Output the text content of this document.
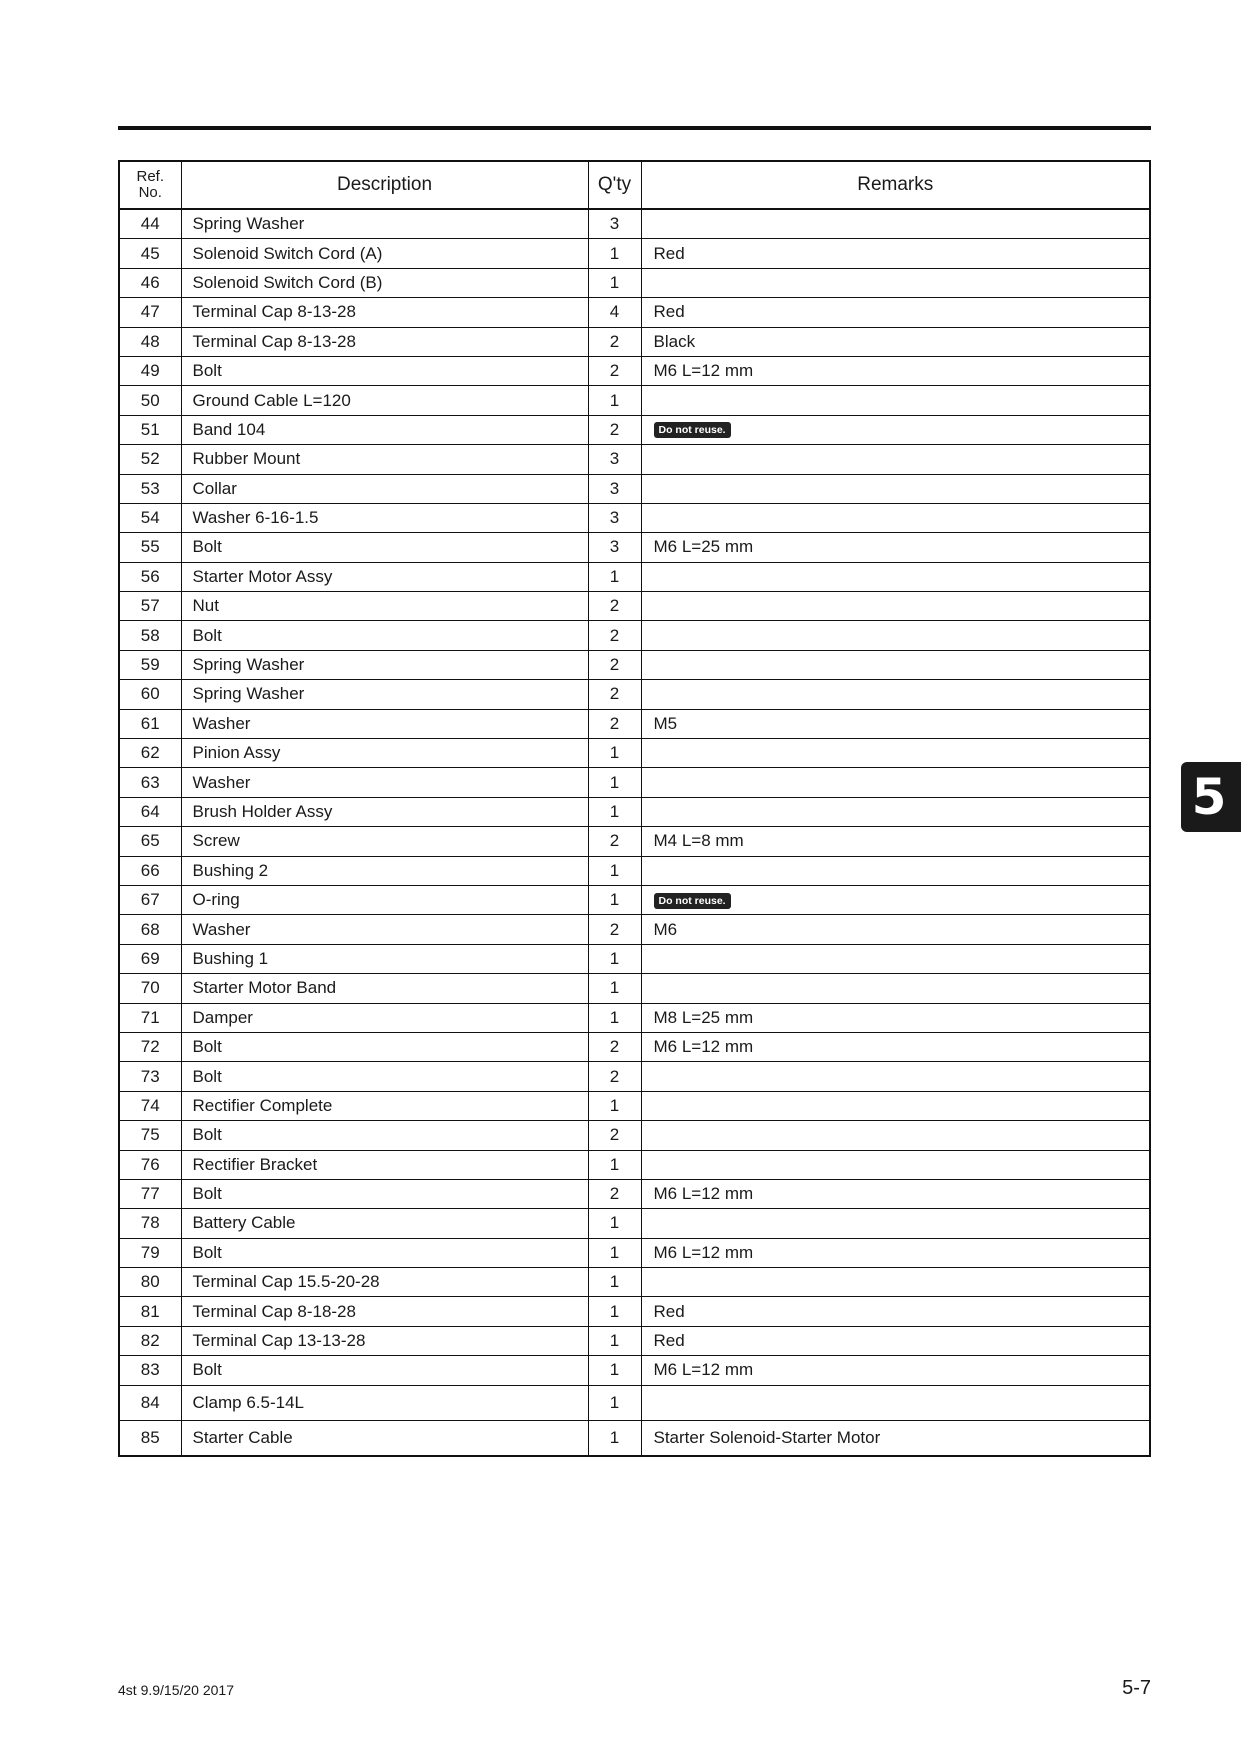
Ref.
No.	Description	Q'ty	Remarks
44	Spring Washer	3	
45	Solenoid Switch Cord (A)	1	Red
46	Solenoid Switch Cord (B)	1	
47	Terminal Cap 8-13-28	4	Red
48	Terminal Cap 8-13-28	2	Black
49	Bolt	2	M6 L=12 mm
50	Ground Cable L=120	1	
51	Band 104	2	Do not reuse.
52	Rubber Mount	3	
53	Collar	3	
54	Washer 6-16-1.5	3	
55	Bolt	3	M6 L=25 mm
56	Starter Motor Assy	1	
57	Nut	2	
58	Bolt	2	
59	Spring Washer	2	
60	Spring Washer	2	
61	Washer	2	M5
62	Pinion Assy	1	
63	Washer	1	
64	Brush Holder Assy	1	
65	Screw	2	M4 L=8 mm
66	Bushing 2	1	
67	O-ring	1	Do not reuse.
68	Washer	2	M6
69	Bushing 1	1	
70	Starter Motor Band	1	
71	Damper	1	M8 L=25 mm
72	Bolt	2	M6 L=12 mm
73	Bolt	2	
74	Rectifier Complete	1	
75	Bolt	2	
76	Rectifier Bracket	1	
77	Bolt	2	M6 L=12 mm
78	Battery Cable	1	
79	Bolt	1	M6 L=12 mm
80	Terminal Cap 15.5-20-28	1	
81	Terminal Cap 8-18-28	1	Red
82	Terminal Cap 13-13-28	1	Red
83	Bolt	1	M6 L=12 mm
84	Clamp 6.5-14L	1	
85	Starter Cable	1	Starter Solenoid-Starter Motor
5
4st 9.9/15/20 2017	5-7
